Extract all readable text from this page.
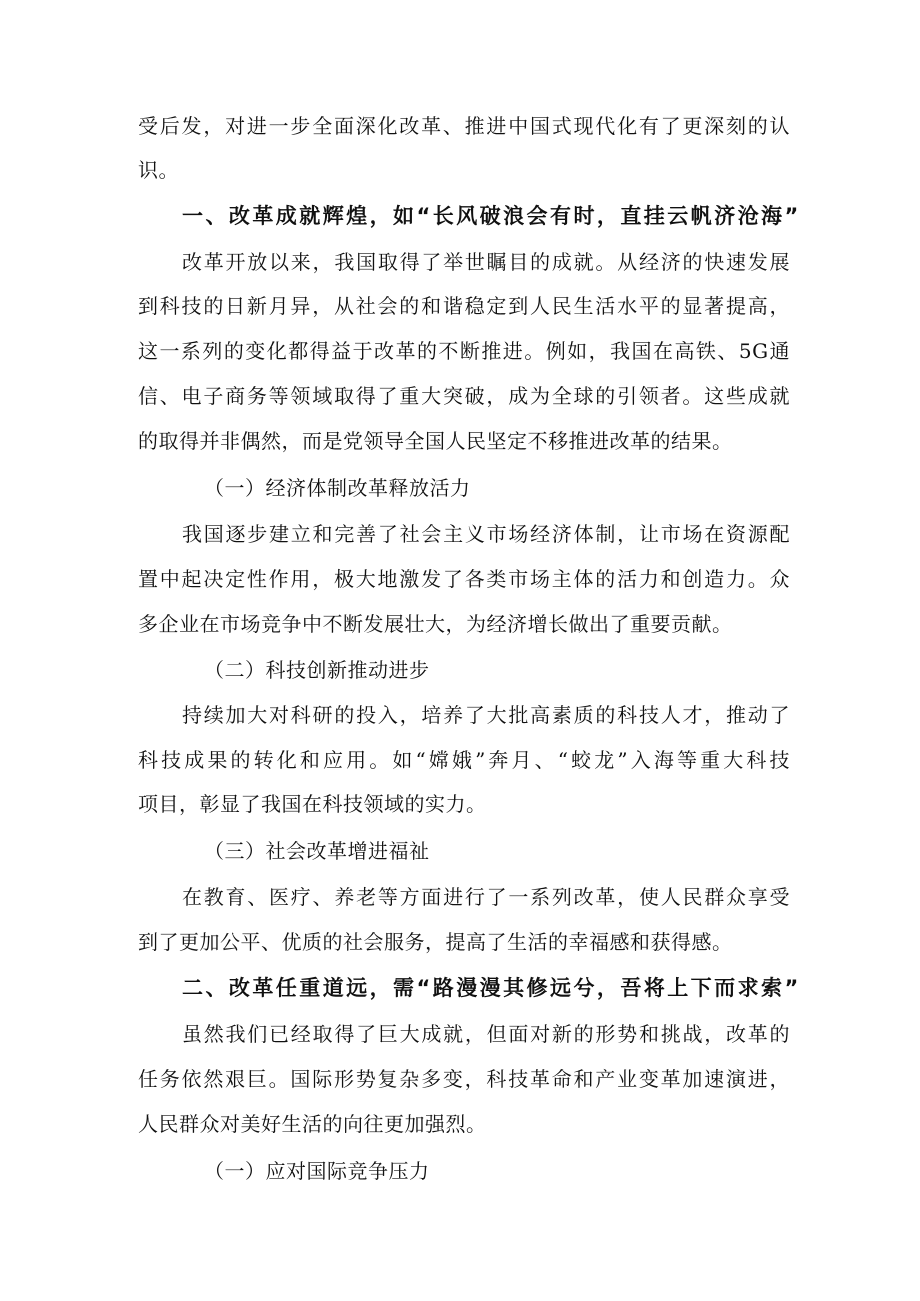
受后发，对进一步全面深化改革、推进中国式现代化有了更深刻的认
识。
一、改革成就辉煌，如“长风破浪会有时，直挂云帆济沧海”
改革开放以来，我国取得了举世瞩目的成就。从经济的快速发展
到科技的日新月异，从社会的和谐稳定到人民生活水平的显著提高，
这一系列的变化都得益于改革的不断推进。例如，我国在高铁、5G通
信、电子商务等领域取得了重大突破，成为全球的引领者。这些成就
的取得并非偶然，而是党领导全国人民坚定不移推进改革的结果。
（一）经济体制改革释放活力
我国逐步建立和完善了社会主义市场经济体制，让市场在资源配
置中起决定性作用，极大地激发了各类市场主体的活力和创造力。众
多企业在市场竞争中不断发展壮大，为经济增长做出了重要贡献。
（二）科技创新推动进步
持续加大对科研的投入，培养了大批高素质的科技人才，推动了
科技成果的转化和应用。如“嫦娥”奔月、“蛟龙”入海等重大科技
项目，彰显了我国在科技领域的实力。
（三）社会改革增进福祉
在教育、医疗、养老等方面进行了一系列改革，使人民群众享受
到了更加公平、优质的社会服务，提高了生活的幸福感和获得感。
二、改革任重道远，需“路漫漫其修远兮，吾将上下而求索”
虽然我们已经取得了巨大成就，但面对新的形势和挑战，改革的
任务依然艰巨。国际形势复杂多变，科技革命和产业变革加速演进，
人民群众对美好生活的向往更加强烈。
（一）应对国际竞争压力
